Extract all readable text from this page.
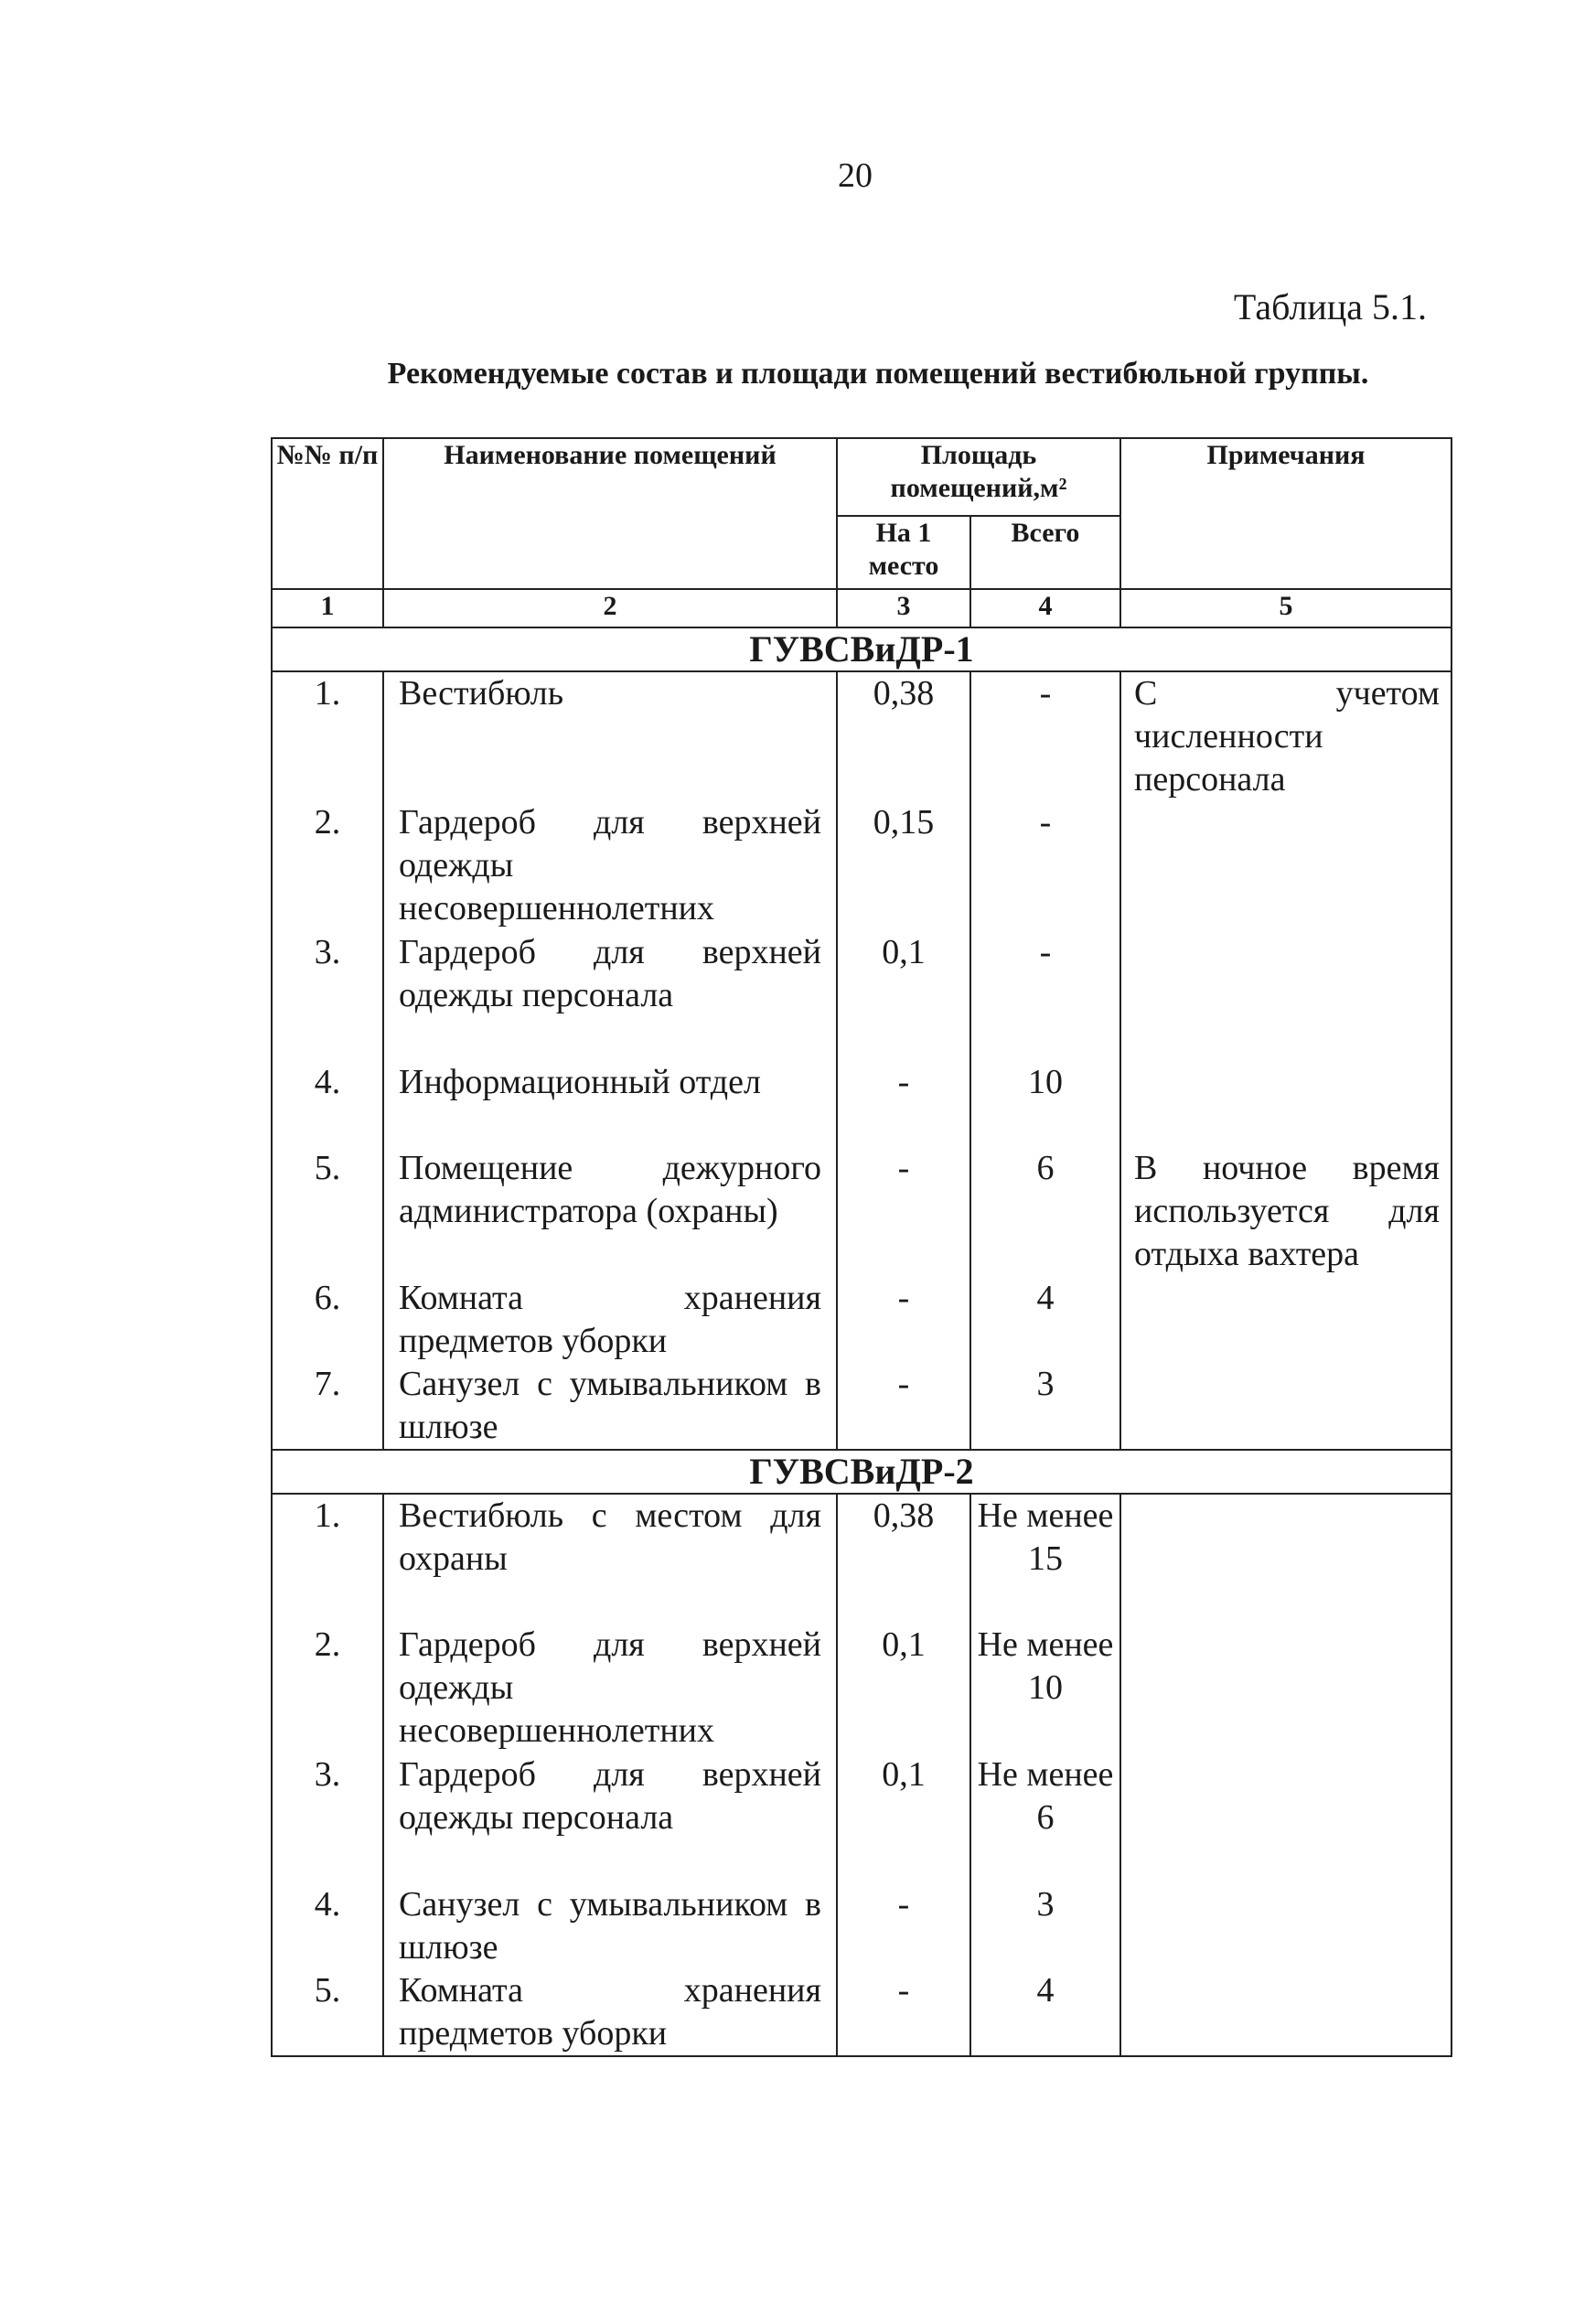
20
Таблица 5.1.
Рекомендуемые состав и площади помещений вестибюльной группы.
№№ п/п	Наименование помещений	Площадь помещений,м²		Примечания
		На 1 место	Всего	
1	2	3	4	5
ГУВСВиДР-1				
1.	Вестибюль	0,38	-	С учетом численности персонала
2.	Гардероб для верхней одежды несовершеннолетних	0,15	-	
3.	Гардероб для верхней одежды персонала	0,1	-	
4.	Информационный отдел	-	10	
5.	Помещение дежурного администратора (охраны)	-	6	В ночное время используется для отдыха вахтера
6.	Комната хранения предметов уборки	-	4	
7.	Санузел с умывальником в шлюзе	-	3	
ГУВСВиДР-2				
1.	Вестибюль с местом для охраны	0,38	Не менее 15	
2.	Гардероб для верхней одежды несовершеннолетних	0,1	Не менее 10	
3.	Гардероб для верхней одежды персонала	0,1	Не менее 6	
4.	Санузел с умывальником в шлюзе	-	3	
5.	Комната хранения предметов уборки	-	4	
